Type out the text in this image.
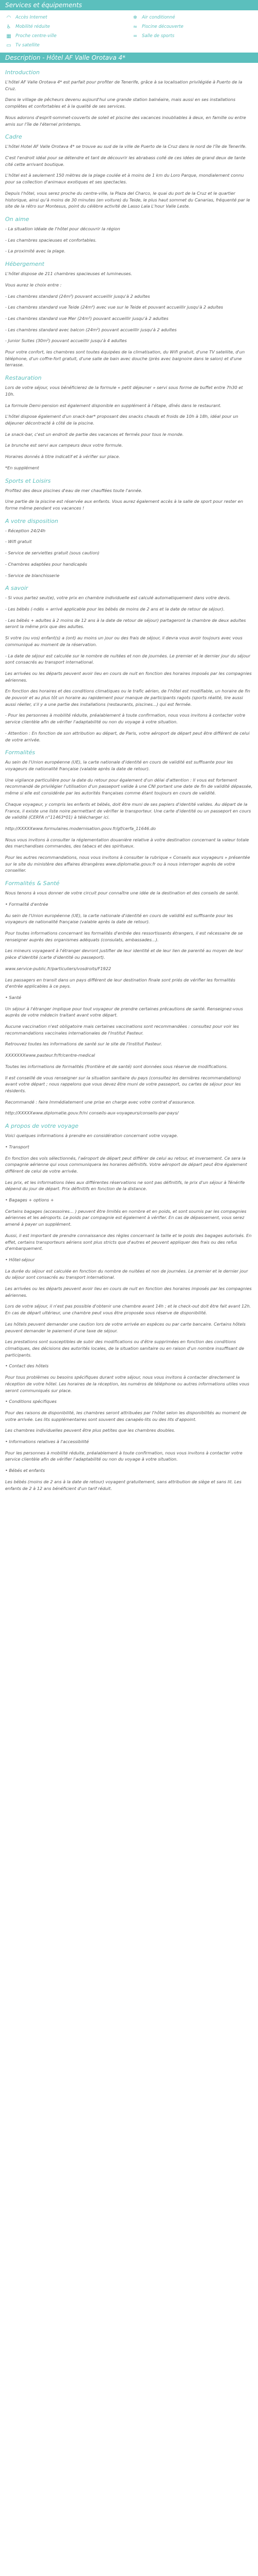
Services et équipements
◠	Accès Internet	❄	Air conditionné
♿ Mobilité réduite	≈	Piscine découverte
▦ Proche centre-ville	═	Salle de sports
▭ Tv satellite
Description - Hôtel AF Valle Orotava 4*
Introduction

L'hôtel AF Valle Orotava 4* est parfait pour profiter de Tenerife, grâce à sa localisation privilégiée à Puerto de la Cruz.

Dans le village de pêcheurs devenu aujourd'hui une grande station balnéaire, mais aussi en ses installations complètes et confortables et à la qualité de ses services.

Nous adorons d'esprit-sommet-couverts de soleil et piscine des vacances inoubliables à deux, en famille ou entre amis sur l'île de l'éternel printemps.

Cadre

L'hôtel Hotel AF Valle Orotava 4* se trouve au sud de la ville de Puerto de la Cruz dans le nord de l'île de Tenerife.

C'est l'endroit idéal pour se détendre et tant de découvrir les abrabass collé de ces idées de grand deux de tante cité cette arrivant boutique.

L'hôtel est à seulement 150 mètres de la plage coulée et à moins de 1 km du Loro Parque, mondialement connu pour sa collection d'animaux exotiques et ses spectacles.

Depuis l'hôtel, vous serez proche du centre-ville, la Plaza del Charco, le quai du port de la Cruz et le quartier historique, ainsi qu'à moins de 30 minutes (en voiture) du Teide, le plus haut sommet du Canarias, fréquenté par le site de la rétro sur Montesus, point du célèbre activité de Lasso Lala L'hour Valle Leste.

On aime

- La situation idéale de l'hôtel pour découvrir la région

- Les chambres spacieuses et confortables.

- La proximité avec la plage.

Hébergement

L'hôtel dispose de 211 chambres spacieuses et lumineuses.

Vous aurez le choix entre :

- Les chambres standard (24m²) pouvant accueillir jusqu'à 2 adultes

- Les chambres standard vue Teide (24m²) avec vue sur le Teide et pouvant accueillir jusqu'à 2 adultes

- Les chambres standard vue Mer (24m²) pouvant accueillir jusqu'à 2 adultes

- Les chambres standard avec balcon (24m²) pouvant accueillir jusqu'à 2 adultes

- Junior Suites (30m²) pouvant accueillir jusqu'à 4 adultes

Pour votre confort, les chambres sont toutes équipées de la climatisation, du Wifi gratuit, d'une TV satellite, d'un téléphone, d'un coffre-fort gratuit, d'une salle de bain avec douche (près avec baignoire dans le salon) et d'une terrasse.

Restauration

Lors de votre séjour, vous bénéficierez de la formule « petit déjeuner » servi sous forme de buffet entre 7h30 et 10h.

La formule Demi-pension est également disponible en supplément à l'étape, dînés dans le restaurant.

L'hôtel dispose également d'un snack-bar* proposant des snacks chauds et froids de 10h à 18h, idéal pour un déjeuner décontracté à côté de la piscine.

Le snack-bar, c'est un endroit de partie des vacances et fermés pour tous le monde.

Le brunche est servi aux campeurs deux votre formule.

Horaires donnés à titre indicatif et à vérifier sur place.

*En supplément

Sports et Loisirs

Profitez des deux piscines d'eau de mer chauffées toute l'année.

Une partie de la piscine est réservée aux enfants. Vous aurez également accès à la salle de sport pour rester en forme même pendant vos vacances !

A votre disposition

- Réception 24/24h

- Wifi gratuit

- Service de serviettes gratuit (sous caution)

- Chambres adaptées pour handicapés

- Service de blanchisserie

A savoir

- Si vous partez seul(e), votre prix en chambre individuelle est calculé automatiquement dans votre devis.

- Les bébés (-ndés + arrivé applicable pour les bébés de moins de 2 ans et la date de retour de séjour).

- Les bébés + adultes à 2 moins de 12 ans à la date de retour de séjour) partageront la chambre de deux adultes seront la même prix que des adultes.

Si votre (ou vos) enfant(s) a (ont) au moins un jour ou des frais de séjour, il devra vous avoir toujours avec vous communiqué au moment de la réservation.

- La date de séjour est calculée sur le nombre de nuitées et non de journées. Le premier et le dernier jour du séjour sont consacrés au transport international.

Les arrivées ou les départs peuvent avoir lieu en cours de nuit en fonction des horaires imposés par les compagnies aériennes.

En fonction des horaires et des conditions climatiques ou le trafic aérien, de l'hôtel est modifiable, un horaire de fin de pouvoir et au plus tôt un horaire au rapidement pour manque de participants ragots (sports réalité, lire aussi aussi réeller, s'il y a une partie des installations (restaurants, piscines...) qui est fermée.

- Pour les personnes à mobilité réduite, préalablement à toute confirmation, nous vous invitons à contacter votre service clientèle afin de vérifier l'adaptabilité ou non du voyage à votre situation.

- Attention : En fonction de son attribution au départ, de Paris, votre aéroport de départ peut être différent de celui de votre arrivée.

Formalités

Au sein de l'Union européenne (UE), la carte nationale d'identité en cours de validité est suffisante pour les voyageurs de nationalité française (valable après la date de retour).

Une vigilance particulière pour la date du retour pour également d'un délai d'attention : Il vous est fortement recommandé de privilégier l'utilisation d'un passeport valide à une CNI portant une date de fin de validité dépassée, même si elle est considérée par les autorités françaises comme étant toujours en cours de validité.

Chaque voyageur, y compris les enfants et bébés, doit être muni de ses papiers d'identité valides. Au départ de la France, il existe une liste noire permettant de vérifier le transporteur. Une carte d'identité ou un passeport en cours de validité (CERFA n°11463*01) à télécharger ici.

http://XXXXXwww.formulaires.modernisation.gouv.fr/gf/cerfa_11646.do

Nous vous invitons à consulter la réglementation douanière relative à votre destination concernant la valeur totale des marchandises commandes, des tabacs et des spiritueux.

Pour les autres recommandations, nous vous invitons à consulter la rubrique « Conseils aux voyageurs » présentée sur le site du ministère des affaires étrangères www.diplomatie.gouv.fr ou à nous interroger auprès de votre conseiller.

Formalités & Santé

Nous tenons à vous donner de votre circuit pour connaître une idée de la destination et des conseils de santé.

• Formalité d'entrée

Au sein de l'Union européenne (UE), la carte nationale d'identité en cours de validité est suffisante pour les voyageurs de nationalité française (valable après la date de retour).

Pour toutes informations concernant les formalités d'entrée des ressortissants étrangers, il est nécessaire de se renseigner auprès des organismes adéquats (consulats, ambassades...).

Les mineurs voyageant à l'étranger devront justifier de leur identité et de leur lien de parenté au moyen de leur pièce d'identité (carte d'identité ou passeport).

www.service-public.fr/particuliers/vosdroits/F1922

Les passagers en transit dans un pays différent de leur destination finale sont priés de vérifier les formalités d'entrée applicables à ce pays.

• Santé

Un séjour à l'étranger implique pour tout voyageur de prendre certaines précautions de santé. Renseignez-vous auprès de votre médecin traitant avant votre départ.

Aucune vaccination n'est obligatoire mais certaines vaccinations sont recommandées : consultez pour voir les recommandations vaccinales internationales de l'Institut Pasteur.

Retrouvez toutes les informations de santé sur le site de l'Institut Pasteur.

XXXXXXXwww.pasteur.fr/fr/centre-medical

Toutes les informations de formalités (frontière et de santé) sont données sous réserve de modifications.

Il est conseillé de vous renseigner sur la situation sanitaire du pays (consultez les dernières recommandations) avant votre départ ; nous rappelons que vous devez être muni de votre passeport, ou cartes de séjour pour les résidents.

Recommandé : faire Immédiatement une prise en charge avec votre contrat d'assurance.

http://XXXXXwww.diplomatie.gouv.fr/ni conseils-aux-voyageurs/conseils-par-pays/

A propos de votre voyage

Voici quelques informations à prendre en considération concernant votre voyage.

• Transport

En fonction des vols sélectionnés, l'aéroport de départ peut différer de celui au retour, et inversement. Ce sera la compagnie aérienne qui vous communiquera les horaires définitifs. Votre aéroport de départ peut être également différent de celui de votre arrivée.

Les prix, et les informations liées aux différentes réservations ne sont pas définitifs, le prix d'un séjour à Ténérife dépend du jour de départ. Prix définitifs en fonction de la distance.

• Bagages + options +

Certains bagages (accessoires... ) peuvent être limités en nombre et en poids, et sont soumis par les compagnies aériennes et les aéroports. Le poids par compagnie est également à vérifier. En cas de dépassement, vous serez amené à payer un supplément.

Aussi, il est important de prendre connaissance des règles concernant la taille et le poids des bagages autorisés. En effet, certains transporteurs aériens sont plus stricts que d'autres et peuvent appliquer des frais ou des refus d'embarquement.

• Hôtel-séjour

La durée du séjour est calculée en fonction du nombre de nuitées et non de journées. Le premier et le dernier jour du séjour sont consacrés au transport international.

Les arrivées ou les départs peuvent avoir lieu en cours de nuit en fonction des horaires imposés par les compagnies aériennes.

Lors de votre séjour, il n'est pas possible d'obtenir une chambre avant 14h ; et le check-out doit être fait avant 12h. En cas de départ ultérieur, une chambre peut vous être proposée sous réserve de disponibilité.

Les hôtels peuvent demander une caution lors de votre arrivée en espèces ou par carte bancaire. Certains hôtels peuvent demander le paiement d'une taxe de séjour.

Les prestations sont susceptibles de subir des modifications ou d'être supprimées en fonction des conditions climatiques, des décisions des autorités locales, de la situation sanitaire ou en raison d'un nombre insuffisant de participants.

• Contact des hôtels

Pour tous problèmes ou besoins spécifiques durant votre séjour, nous vous invitons à contacter directement la réception de votre hôtel. Les horaires de la réception, les numéros de téléphone ou autres informations utiles vous seront communiqués sur place.

• Conditions spécifiques

Pour des raisons de disponibilité, les chambres seront attribuées par l'hôtel selon les disponibilités au moment de votre arrivée. Les lits supplémentaires sont souvent des canapés-lits ou des lits d'appoint.

Les chambres individuelles peuvent être plus petites que les chambres doubles.

• Informations relatives à l'accessibilité

Pour les personnes à mobilité réduite, préalablement à toute confirmation, nous vous invitons à contacter votre service clientèle afin de vérifier l'adaptabilité ou non du voyage à votre situation.

• Bébés et enfants

Les bébés (moins de 2 ans à la date de retour) voyagent gratuitement, sans attribution de siège et sans lit. Les enfants de 2 à 12 ans bénéficient d'un tarif réduit.
